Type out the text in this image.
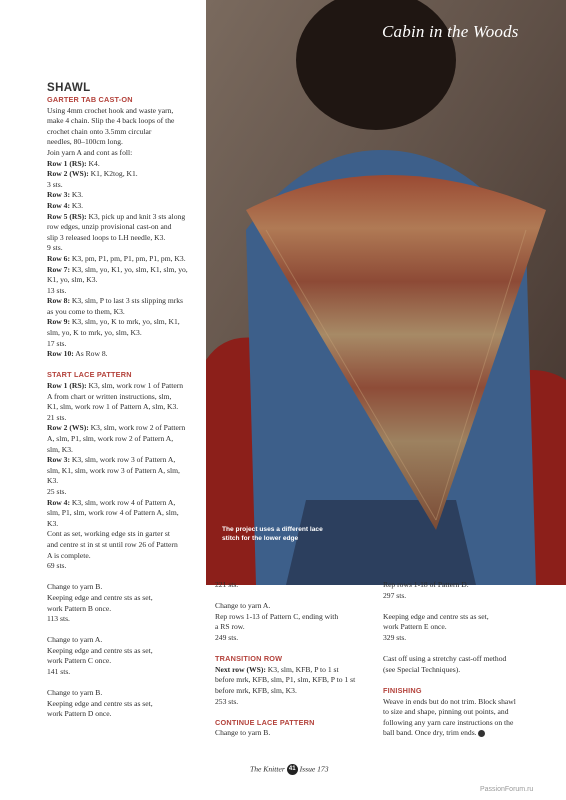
Cabin in the Woods
The project uses a different lace stitch for the lower edge
SHAWL
GARTER TAB CAST-ON

Using 4mm crochet hook and waste yarn,

make 4 chain. Slip the 4 back loops of the

crochet chain onto 3.5mm circular

needles, 80–100cm long.

Join yarn A and cont as foll:

Row 1 (RS): K4.

Row 2 (WS): K1, K2tog, K1.

3 sts.

Row 3: K3.

Row 4: K3.

Row 5 (RS): K3, pick up and knit 3 sts along

row edges, unzip provisional cast-on and

slip 3 released loops to LH needle, K3.

9 sts.

Row 6: K3, pm, P1, pm, P1, pm, P1, pm, K3.

Row 7: K3, slm, yo, K1, yo, slm, K1, slm, yo,

K1, yo, slm, K3.

13 sts.

Row 8: K3, slm, P to last 3 sts slipping mrks

as you come to them, K3.

Row 9: K3, slm, yo, K to mrk, yo, slm, K1,

slm, yo, K to mrk, yo, slm, K3.

17 sts.

Row 10: As Row 8.

START LACE PATTERN

Row 1 (RS): K3, slm, work row 1 of Pattern

A from chart or written instructions, slm,

K1, slm, work row 1 of Pattern A, slm, K3.

21 sts.

Row 2 (WS): K3, slm, work row 2 of Pattern

A, slm, P1, slm, work row 2 of Pattern A,

slm, K3.

Row 3: K3, slm, work row 3 of Pattern A,

slm, K1, slm, work row 3 of Pattern A, slm,

K3.

25 sts.

Row 4: K3, slm, work row 4 of Pattern A,

slm, P1, slm, work row 4 of Pattern A, slm,

K3.

Cont as set, working edge sts in garter st

and centre st in st st until row 26 of Pattern

A is complete.

69 sts.

Change to yarn B.

Keeping edge and centre sts as set,

work Pattern B once.

113 sts.

Change to yarn A.

Keeping edge and centre sts as set,

work Pattern C once.

141 sts.

Change to yarn B.

Keeping edge and centre sts as set,

work Pattern D once.

221 sts.

Change to yarn A.

Rep rows 1-13 of Pattern C, ending with

a RS row.

249 sts.

TRANSITION ROW

Next row (WS): K3, slm, KFB, P to 1 st

before mrk, KFB, slm, P1, slm, KFB, P to 1 st

before mrk, KFB, slm, K3.

253 sts.

CONTINUE LACE PATTERN

Change to yarn B.

Rep rows 1-18 of Pattern D.

297 sts.

Keeping edge and centre sts as set,

work Pattern E once.

329 sts.

Cast off using a stretchy cast-off method

(see Special Techniques).

FINISHING

Weave in ends but do not trim. Block shawl

to size and shape, pinning out points, and

following any yarn care instructions on the

ball band. Once dry, trim ends.

The Knitter 41 Issue 173
PassionForum.ru
